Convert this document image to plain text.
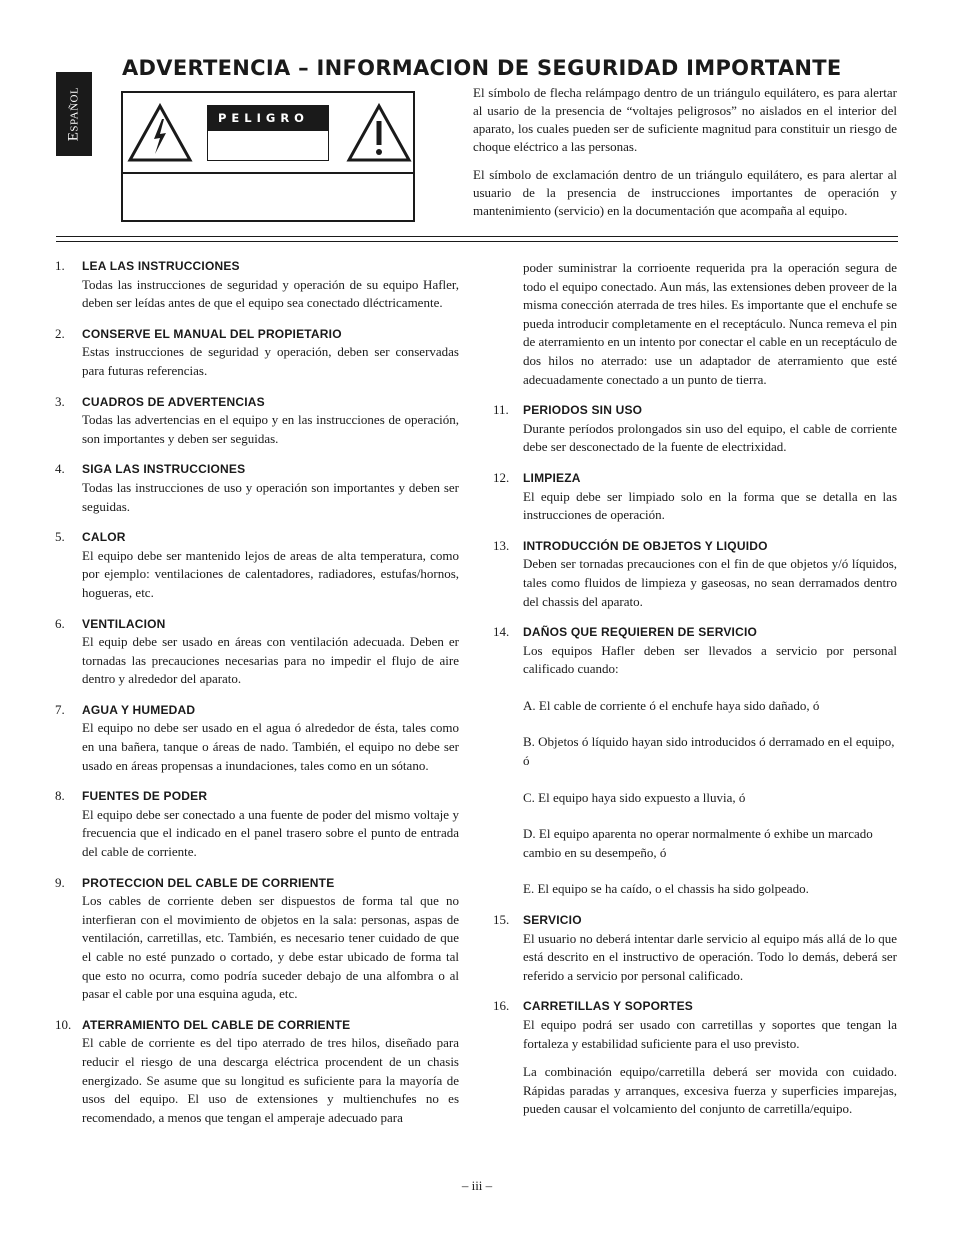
Español
ADVERTENCIA – INFORMACION DE SEGURIDAD IMPORTANTE
PELIGRO

El símbolo de flecha relámpago dentro de un triángulo equilátero, es para alertar al usario de la presencia de “voltajes peligrosos” no aislados en el interior del aparato, los cuales pueden ser de suficiente magnitud para constituir un riesgo de choque eléctrico a las personas.

El símbolo de exclamación dentro de un triángulo equilátero, es para alertar al usuario de la presencia de instrucciones importantes de operación y mantenimiento (servicio) en la documentación que acompaña al equipo.

1. LEA LAS INSTRUCCIONES
Todas las instrucciones de seguridad y operación de su equipo Hafler, deben ser leídas antes de que el equipo sea conectado dléctricamente.
2. CONSERVE EL MANUAL DEL PROPIETARIO
Estas instrucciones de seguridad y operación, deben ser conservadas para futuras referencias.
3. CUADROS DE ADVERTENCIAS
Todas las advertencias en el equipo y en las instrucciones de operación, son importantes y deben ser seguidas.
4. SIGA LAS INSTRUCCIONES
Todas las instrucciones de uso y operación son importantes y deben ser seguidas.
5. CALOR
El equipo debe ser mantenido lejos de areas de alta temperatura, como por ejemplo: ventilaciones de calentadores, radiadores, estufas/hornos, hogueras, etc.
6. VENTILACION
El equip debe ser usado en áreas con ventilación adecuada. Deben er tornadas las precauciones necesarias para no impedir el flujo de aire dentro y alrededor del aparato.
7. AGUA Y HUMEDAD
El equipo no debe ser usado en el agua ó alrededor de ésta, tales como en una bañera, tanque o áreas de nado. También, el equipo no debe ser usado en áreas propensas a inundaciones, tales como en un sótano.
8. FUENTES DE PODER
El equipo debe ser conectado a una fuente de poder del mismo voltaje y frecuencia que el indicado en el panel trasero sobre el punto de entrada del cable de corriente.
9. PROTECCION DEL CABLE DE CORRIENTE
Los cables de corriente deben ser dispuestos de forma tal que no interfieran con el movimiento de objetos en la sala: personas, aspas de ventilación, carretillas, etc. También, es necesario tener cuidado de que el cable no esté punzado o cortado, y debe estar ubicado de forma tal que esto no ocurra, como podría suceder debajo de una alfombra o al pasar el cable por una esquina aguda, etc.
10. ATERRAMIENTO DEL CABLE DE CORRIENTE
El cable de corriente es del tipo aterrado de tres hilos, diseñado para reducir el riesgo de una descarga eléctrica procendent de un chasis energizado. Se asume que su longitud es suficiente para la mayoría de usos del equipo. El uso de extensiones y multienchufes no es recomendado, a menos que tengan el amperaje adecuado para
poder suministrar la corrioente requerida pra la operación segura de todo el equipo conectado. Aun más, las extensiones deben proveer de la misma conección aterrada de tres hiles. Es importante que el enchufe se pueda introducir completamente en el receptáculo. Nunca remeva el pin de aterramiento en un intento por conectar el cable en un receptáculo de dos hilos no aterrado: use un adaptador de aterramiento que esté adecuadamente conectado a un punto de tierra.
11. PERIODOS SIN USO
Durante períodos prolongados sin uso del equipo, el cable de corriente debe ser desconectado de la fuente de electrixidad.
12. LIMPIEZA
El equip debe ser limpiado solo en la forma que se detalla en las instrucciones de operación.
13. INTRODUCCIÓN DE OBJETOS Y LIQUIDO
Deben ser tornadas precauciones con el fin de que objetos y/ó líquidos, tales como fluidos de limpieza y gaseosas, no sean derramados dentro del chassis del aparato.
14. DAÑOS QUE REQUIEREN DE SERVICIO
Los equipos Hafler deben ser llevados a servicio por personal calificado cuando:
A. El cable de corriente ó el enchufe haya sido dañado, ó
B. Objetos ó líquido hayan sido introducidos ó derramado en el equipo, ó
C. El equipo haya sido expuesto a lluvia, ó
D. El equipo aparenta no operar normalmente ó exhibe un marcado cambio en su desempeño, ó
E. El equipo se ha caído, o el chassis ha sido golpeado.
15. SERVICIO
El usuario no deberá intentar darle servicio al equipo más allá de lo que está descrito en el instructivo de operación. Todo lo demás, deberá ser referido a servicio por personal calificado.
16. CARRETILLAS Y SOPORTES
El equipo podrá ser usado con carretillas y soportes que tengan la fortaleza y estabilidad suficiente para el uso previsto.
La combinación equipo/carretilla deberá ser movida con cuidado. Rápidas paradas y arranques, excesiva fuerza y superficies imparejas, pueden causar el volcamiento del conjunto de carretilla/equipo.
– iii –
